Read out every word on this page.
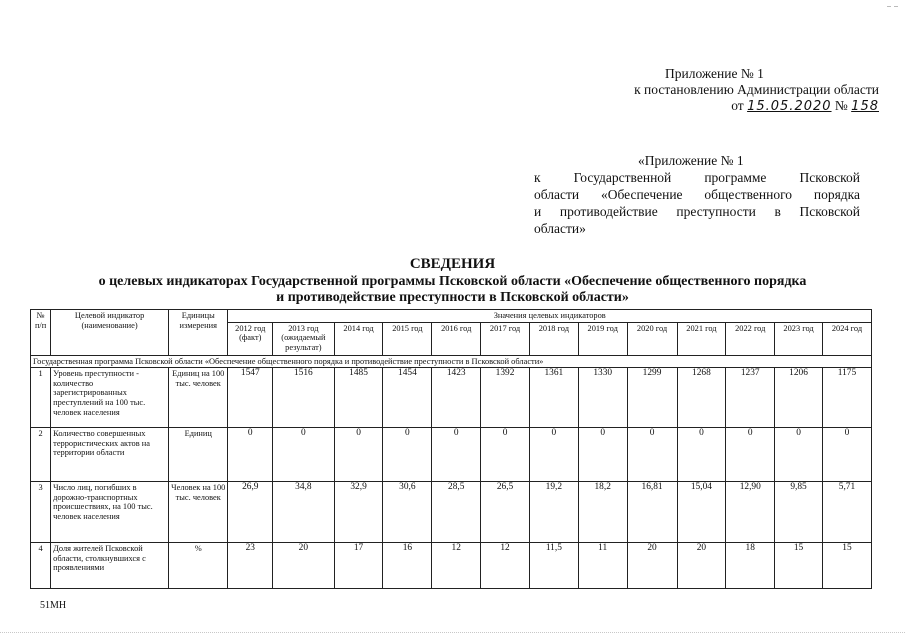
Приложение № 1
к постановлению Администрации области
от 15.05.2020 № 158
«Приложение № 1
к Государственной программе Псковской
области «Обеспечение общественного порядка
и противодействие преступности в Псковской
области»
СВЕДЕНИЯ
о целевых индикаторах Государственной программы Псковской области «Обеспечение общественного порядка
и противодействие преступности в Псковской области»
№ п/п	Целевой индикатор (наименование)	Единицы измерения	Значения целевых индикаторов												
			2012 год (факт)	2013 год (ожидаемый результат)	2014 год	2015 год	2016 год	2017 год	2018 год	2019 год	2020 год	2021 год	2022 год	2023 год	2024 год
Государственная программа Псковской области «Обеспечение общественного порядка и противодействие преступности в Псковской области»															
1	Уровень преступности - количество зарегистрированных преступлений на 100 тыс. человек населения	Единиц на 100 тыс. человек	1547	1516	1485	1454	1423	1392	1361	1330	1299	1268	1237	1206	1175
2	Количество совершенных террористических актов на территории области	Единиц	0	0	0	0	0	0	0	0	0	0	0	0	0
3	Число лиц, погибших в дорожно-транспортных происшествиях, на 100 тыс. человек населения	Человек на 100 тыс. человек	26,9	34,8	32,9	30,6	28,5	26,5	19,2	18,2	16,81	15,04	12,90	9,85	5,71
4	Доля жителей Псковской области, столкнувшихся с проявлениями	%	23	20	17	16	12	12	11,5	11	20	20	18	15	15
51МН
